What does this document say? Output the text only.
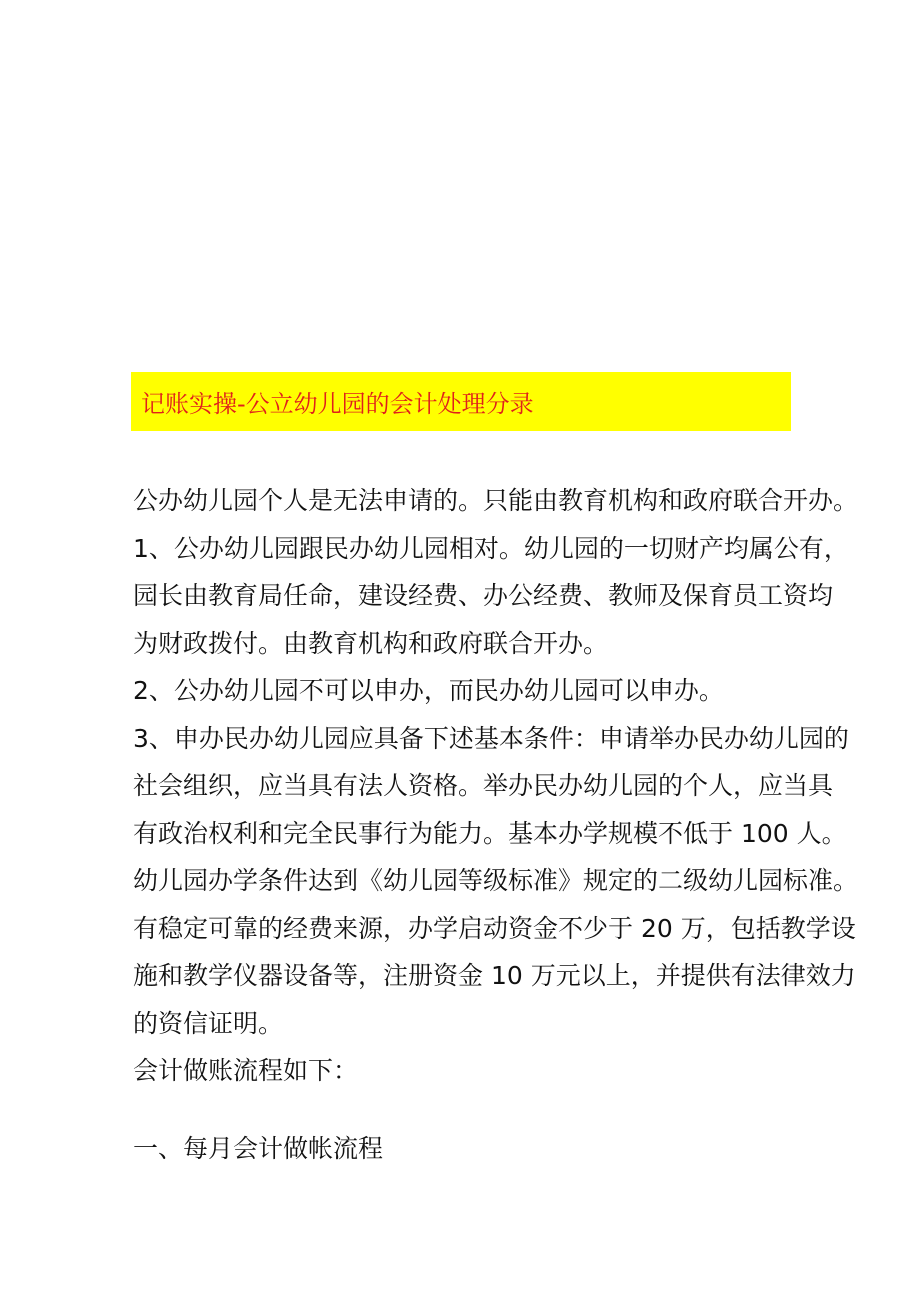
记账实操-公立幼儿园的会计处理分录

公办幼儿园个人是无法申请的。只能由教育机构和政府联合开办。

1、公办幼儿园跟民办幼儿园相对。幼儿园的一切财产均属公有，

园长由教育局任命，建设经费、办公经费、教师及保育员工资均

为财政拨付。由教育机构和政府联合开办。

2、公办幼儿园不可以申办，而民办幼儿园可以申办。

3、申办民办幼儿园应具备下述基本条件：申请举办民办幼儿园的

社会组织，应当具有法人资格。举办民办幼儿园的个人，应当具

有政治权利和完全民事行为能力。基本办学规模不低于 100 人。

幼儿园办学条件达到《幼儿园等级标准》规定的二级幼儿园标准。

有稳定可靠的经费来源，办学启动资金不少于 20 万，包括教学设

施和教学仪器设备等，注册资金 10 万元以上，并提供有法律效力

的资信证明。

会计做账流程如下：

一、每月会计做帐流程
